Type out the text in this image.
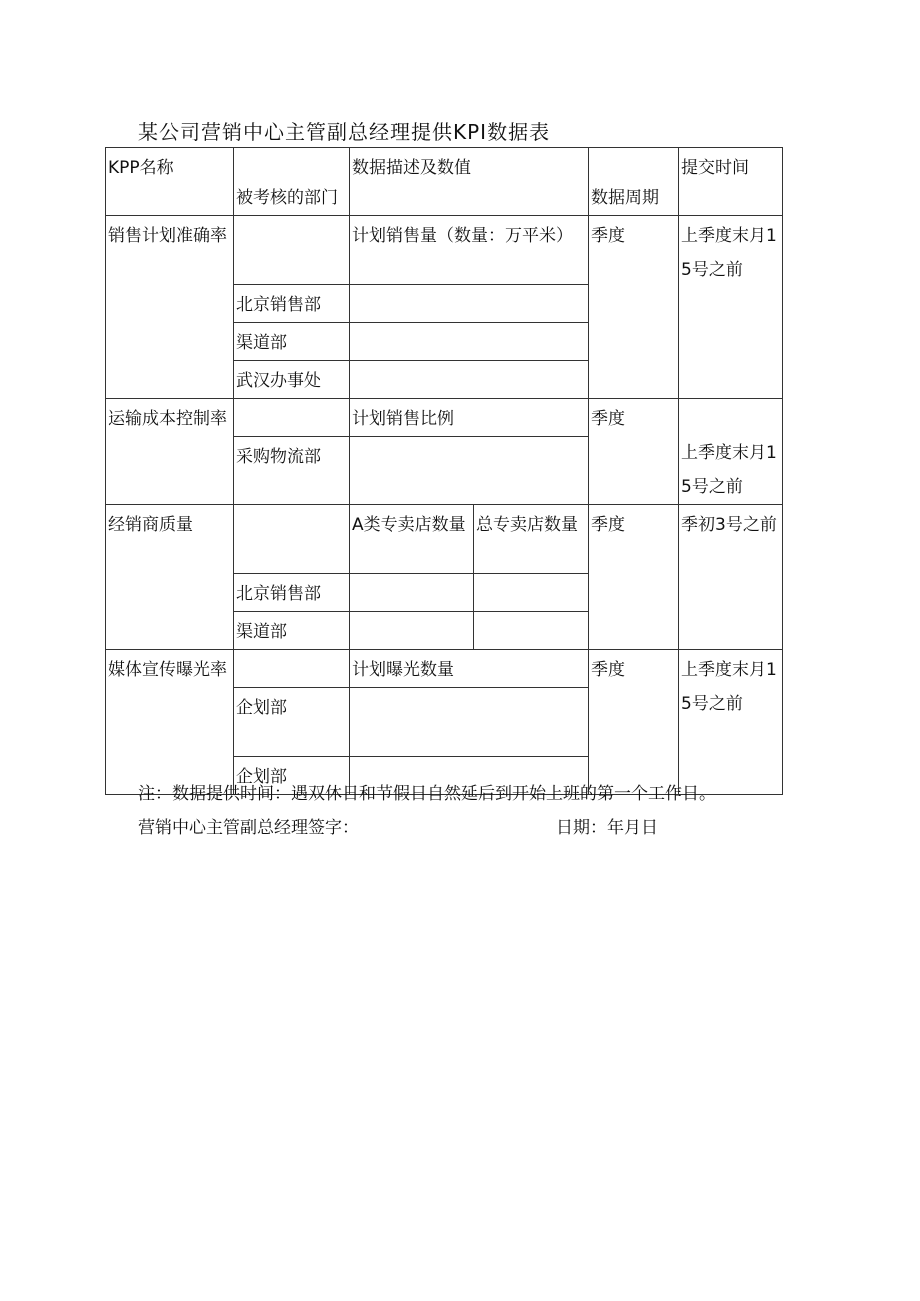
某公司营销中心主管副总经理提供KPI数据表
KPP名称	被考核的部门	数据描述及数值		数据周期	提交时间
销售计划准确率		计划销售量（数量：万平米）		季度	上季度末月15号之前
	北京销售部				
	渠道部				
	武汉办事处				
运输成本控制率		计划销售比例		季度	上季度末月15号之前
	采购物流部				
经销商质量		A类专卖店数量	总专卖店数量	季度	季初3号之前
	北京销售部				
	渠道部				
媒体宣传曝光率		计划曝光数量		季度	上季度末月15号之前
	企划部				
	企划部				
注：数据提供时间：遇双休日和节假日自然延后到开始上班的第一个工作日。
营销中心主管副总经理签字：	日期：年月日
